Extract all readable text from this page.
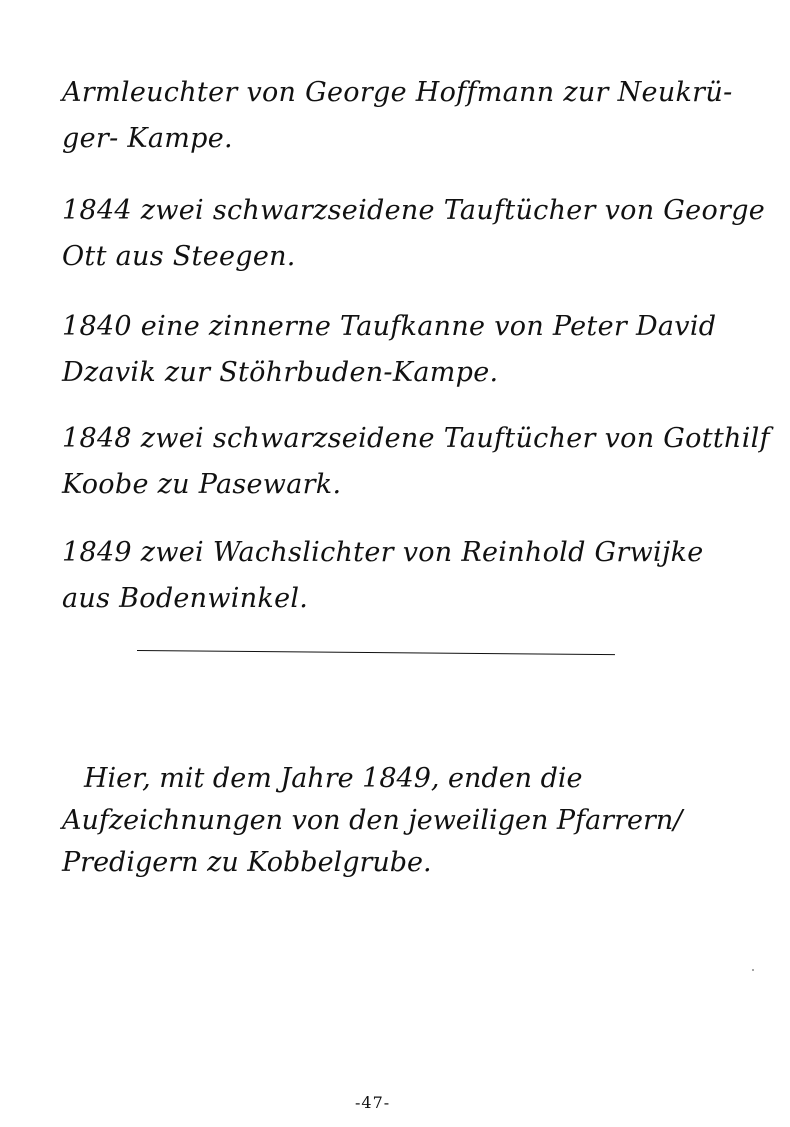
Armleuchter von George Hoffmann zur Neukrü-
ger- Kampe.
1844 zwei schwarzseidene Tauftücher von George
Ott aus Steegen.
1840 eine zinnerne Taufkanne von Peter David
Dzavik zur Stöhrbuden-Kampe.
1848 zwei schwarzseidene Tauftücher von Gotthilf
Koobe zu Pasewark.
1849 zwei Wachslichter von Reinhold Grwijke
aus Bodenwinkel.
Hier, mit dem Jahre 1849, enden die
Aufzeichnungen von den jeweiligen Pfarrern/
Predigern zu Kobbelgrube.
-47-
